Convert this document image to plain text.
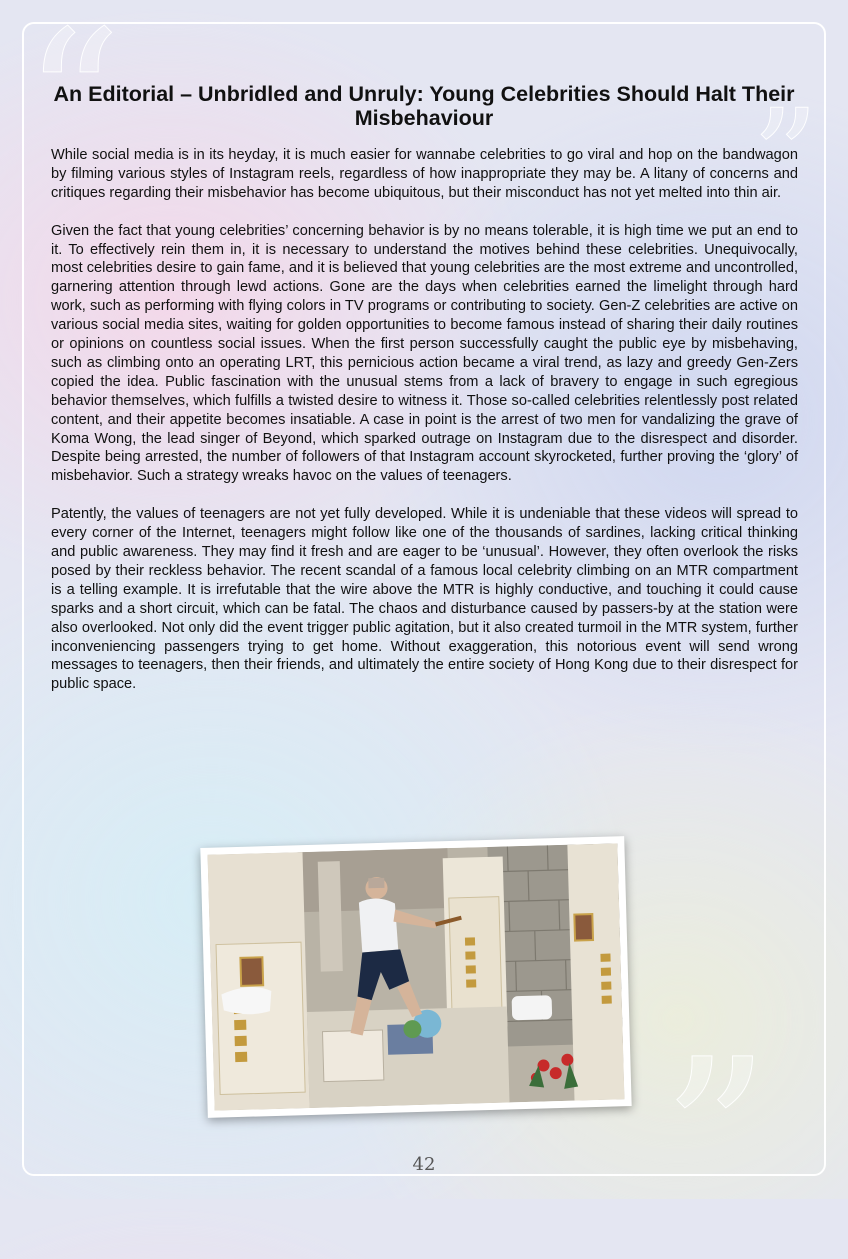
“	”
”
An Editorial – Unbridled and Unruly: Young Celebrities Should Halt Their Misbehaviour

While social media is in its heyday, it is much easier for wannabe celebrities to go viral and hop on the bandwagon by filming various styles of Instagram reels, regardless of how inappropriate they may be. A litany of concerns and critiques regarding their misbehavior has become ubiquitous, but their misconduct has not yet melted into thin air.

Given the fact that young celebrities’ concerning behavior is by no means tolerable, it is high time we put an end to it. To effectively rein them in, it is necessary to understand the motives behind these celebrities. Unequivocally, most celebrities desire to gain fame, and it is believed that young celebrities are the most extreme and uncontrolled, garnering attention through lewd actions. Gone are the days when celebrities earned the limelight through hard work, such as performing with flying colors in TV programs or contributing to society. Gen-Z celebrities are active on various social media sites, waiting for golden opportunities to become famous instead of sharing their daily routines or opinions on countless social issues. When the first person successfully caught the public eye by misbehaving, such as climbing onto an operating LRT, this pernicious action became a viral trend, as lazy and greedy Gen-Zers copied the idea. Public fascination with the unusual stems from a lack of bravery to engage in such egregious behavior themselves, which fulfills a twisted desire to witness it. Those so-called celebrities relentlessly post related content, and their appetite becomes insatiable. A case in point is the arrest of two men for vandalizing the grave of Koma Wong, the lead singer of Beyond, which sparked outrage on Instagram due to the disrespect and disorder. Despite being arrested, the number of followers of that Instagram account skyrocketed, further proving the ‘glory’ of misbehavior. Such a strategy wreaks havoc on the values of teenagers.

Patently, the values of teenagers are not yet fully developed. While it is undeniable that these videos will spread to every corner of the Internet, teenagers might follow like one of the thousands of sardines, lacking critical thinking and public awareness. They may find it fresh and are eager to be ‘unusual’. However, they often overlook the risks posed by their reckless behavior. The recent scandal of a famous local celebrity climbing on an MTR compartment is a telling example. It is irrefutable that the wire above the MTR is highly conductive, and touching it could cause sparks and a short circuit, which can be fatal. The chaos and disturbance caused by passers-by at the station were also overlooked. Not only did the event trigger public agitation, but it also created turmoil in the MTR system, further inconveniencing passengers trying to get home. Without exaggeration, this notorious event will send wrong messages to teenagers, then their friends, and ultimately the entire society of Hong Kong due to their disrespect for public space.

42
